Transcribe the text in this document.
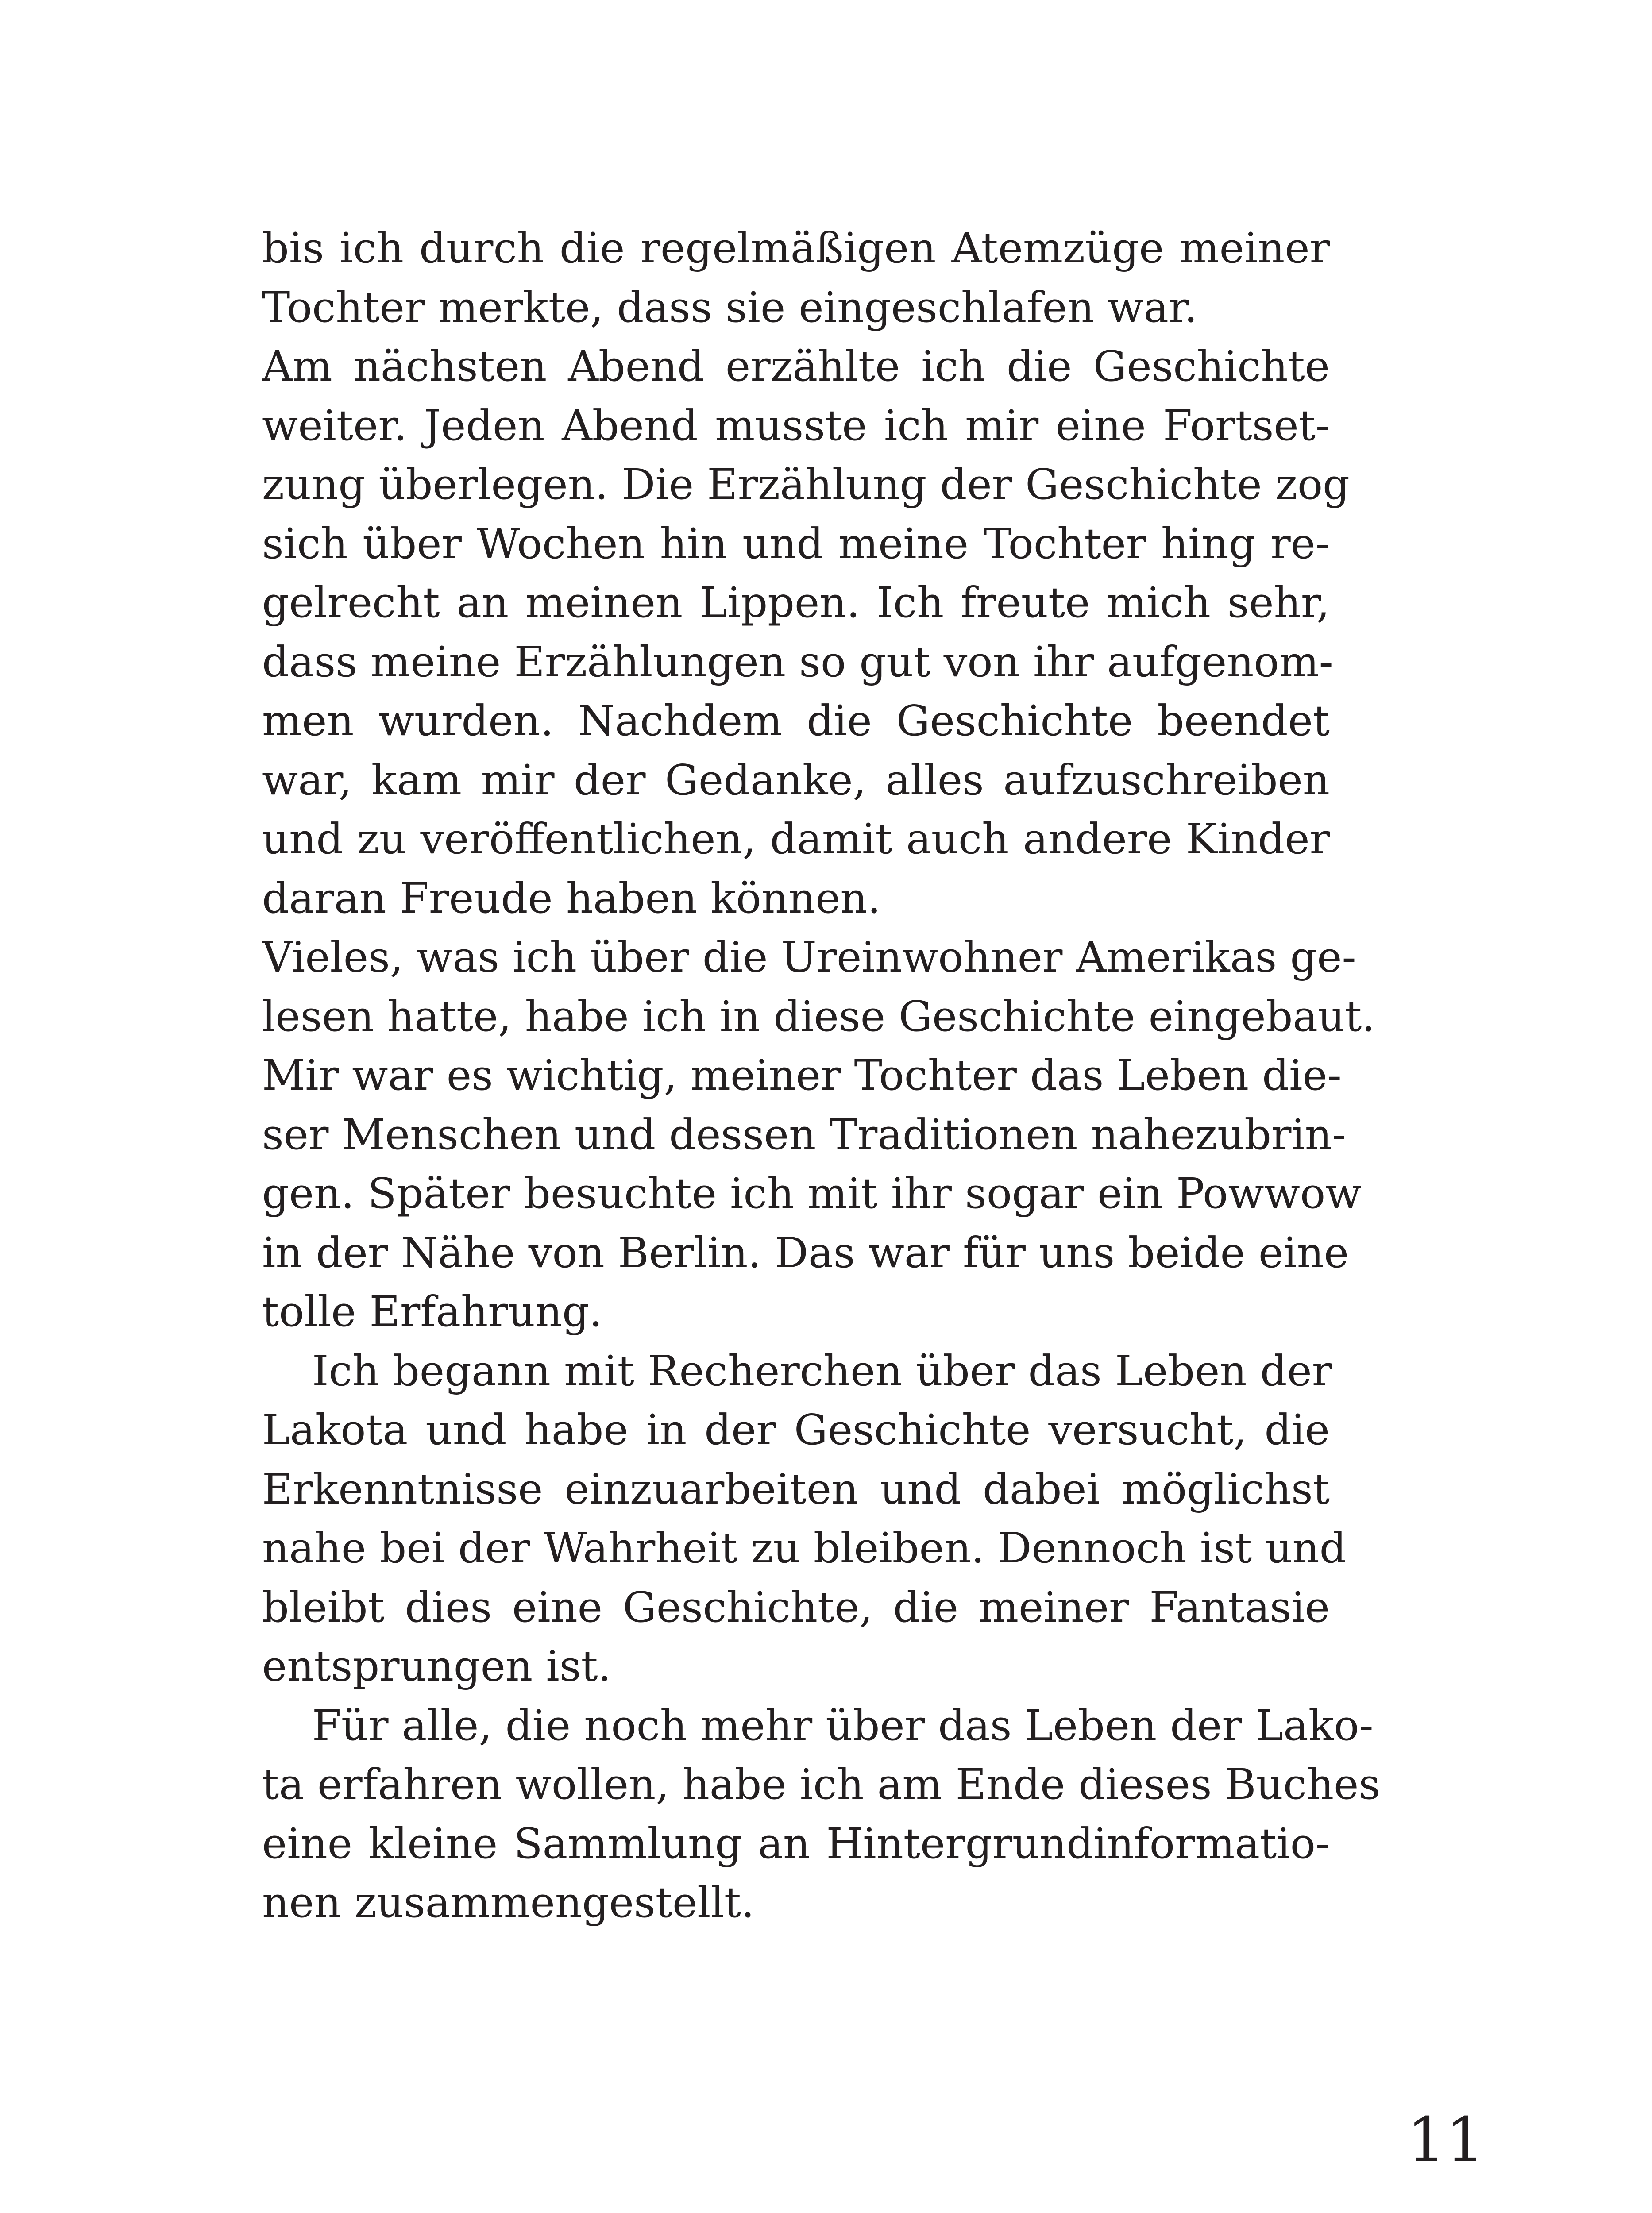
bis ich durch die regelmäßigen Atemzüge meiner
Tochter merkte, dass sie eingeschlafen war.
Am nächsten Abend erzählte ich die Geschichte
weiter. Jeden Abend musste ich mir eine Fortset-
zung überlegen. Die Erzählung der Geschichte zog
sich über Wochen hin und meine Tochter hing re-
gelrecht an meinen Lippen. Ich freute mich sehr,
dass meine Erzählungen so gut von ihr aufgenom-
men wurden. Nachdem die Geschichte beendet
war, kam mir der Gedanke, alles aufzuschreiben
und zu veröffentlichen, damit auch andere Kinder
daran Freude haben können.
Vieles, was ich über die Ureinwohner Amerikas ge-
lesen hatte, habe ich in diese Geschichte eingebaut.
Mir war es wichtig, meiner Tochter das Leben die-
ser Menschen und dessen Traditionen nahezubrin-
gen. Später besuchte ich mit ihr sogar ein Powwow
in der Nähe von Berlin. Das war für uns beide eine
tolle Erfahrung.
Ich begann mit Recherchen über das Leben der
Lakota und habe in der Geschichte versucht, die
Erkenntnisse einzuarbeiten und dabei möglichst
nahe bei der Wahrheit zu bleiben. Dennoch ist und
bleibt dies eine Geschichte, die meiner Fantasie
entsprungen ist.
Für alle, die noch mehr über das Leben der Lako-
ta erfahren wollen, habe ich am Ende dieses Buches
eine kleine Sammlung an Hintergrundinformatio-
nen zusammengestellt.
11
